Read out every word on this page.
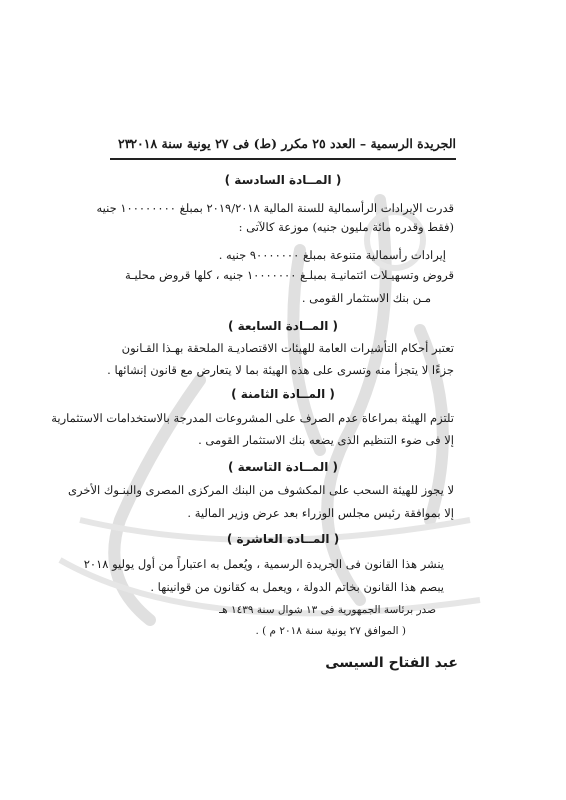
الجريدة الرسمية – العدد ٢٥ مكرر (ط) فى ٢٧ يونية سنة ٢٠١٨
٢٣
( المــادة السادسة )
قدرت الإيرادات الرأسمالية للسنة المالية ٢٠١٩/٢٠١٨ بمبلغ ١٠٠٠٠٠٠٠٠ جنيه
(فقط وقدره مائة مليون جنيه) موزعة كالآتى :
إيرادات رأسمالية متنوعة بمبلغ ٩٠٠٠٠٠٠٠ جنيه .
قروض وتسهيـلات ائتمانيـة بمبلـغ ١٠٠٠٠٠٠٠ جنيه ، كلها قروض محليـة
مـن بنك الاستثمار القومى .
( المــادة السابعة )
تعتبر أحكام التأشيرات العامة للهيئات الاقتصاديـة الملحقة بهـذا القـانون
جزءًا لا يتجزأ منه وتسرى على هذه الهيئة بما لا يتعارض مع قانون إنشائها .
( المــادة الثامنة )
تلتزم الهيئة بمراعاة عدم الصرف على المشروعات المدرجة بالاستخدامات الاستثمارية
إلا فى ضوء التنظيم الذى يضعه بنك الاستثمار القومى .
( المــادة التاسعة )
لا يجوز للهيئة السحب على المكشوف من البنك المركزى المصرى والبنـوك الأخرى
إلا بموافقة رئيس مجلس الوزراء بعد عرض وزير المالية .
( المــادة العاشرة )
ينشر هذا القانون فى الجريدة الرسمية ، ويُعمل به اعتباراً من أول يوليو ٢٠١٨
يبصم هذا القانون بخاتم الدولة ، ويعمل به كقانون من قوانينها .
صدر برئاسة الجمهورية فى ١٣ شوال سنة ١٤٣٩ هـ
( الموافق ٢٧ يونية سنة ٢٠١٨ م ) .
عبد الفتاح السيسى
